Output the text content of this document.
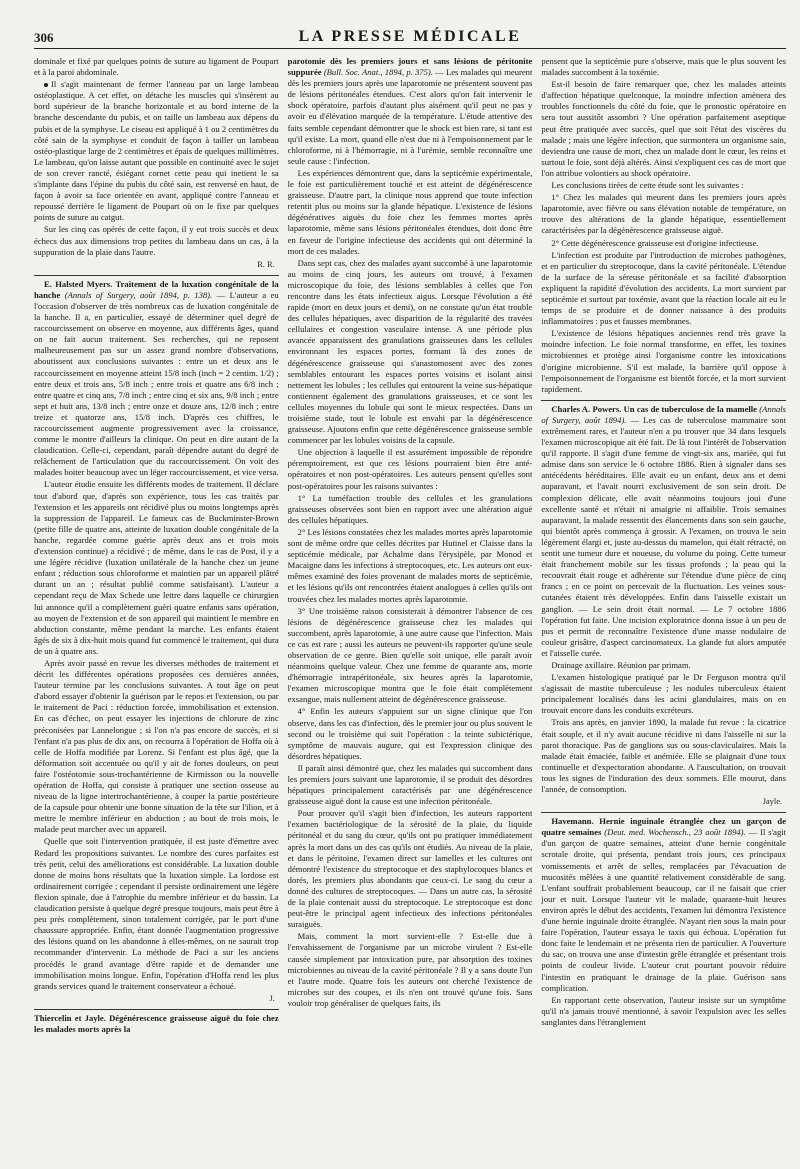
306	LA PRESSE MÉDICALE

dominale et fixé par quelques points de suture au ligament de Poupart et à la paroi abdominale.

Il s'agit maintenant de fermer l'anneau par un large lambeau ostéoplastique. A cet effet, on détache les muscles qui s'insèrent au bord supérieur de la branche horizontale et au bord interne de la branche descendante du pubis, et on taille un lambeau aux dépens du pubis et de la symphyse. Le ciseau est appliqué à 1 ou 2 centimètres du côté sain de la symphyse et conduit de façon à tailler un lambeau ostéo-plastique large de 2 centimètres et épais de quelques millimètres. Le lambeau, qu'on laisse autant que possible en continuité avec le sujet de son crever rancté, ésiégant cornet cette peau qui inetient le sa s'implante dans l'épine du pubis du côté sain, est renversé en haut, de façon à avoir sa face orientée en avant, appliqué contre l'anneau et repoussé derrière le ligament de Poupart où on le fixe par quelques points de suture au catgut.

Sur les cinq cas opérés de cette façon, il y eut trois succès et deux échecs dus aux dimensions trop petites du lambeau dans un cas, à la suppuration de la plaie dans l'autre.

R. R.

E. Halsted Myers. Traitement de la luxation congénitale de la hanche (Annals of Surgery, août 1894, p. 138). — L'auteur a eu l'occasion d'observer de très nombreux cas de luxation congénitale de la hanche. Il a, en particulier, essayé de déterminer quel degré de raccourcissement on observe en moyenne, aux différents âges, quand on ne fait aucun traitement. Ses recherches, qui ne reposent malheureusement pas sur un assez grand nombre d'observations, aboutissent aux conclusions suivantes : entre un et deux ans le raccourcissement en moyenne atteint 15/8 inch (inch = 2 centim. 1/2) ; entre deux et trois ans, 5/8 inch ; entre trois et quatre ans 6/8 inch ; entre quatre et cinq ans, 7/8 inch ; entre cinq et six ans, 9/8 inch ; entre sept et huit ans, 13/8 inch ; entre onze et douze ans, 12/8 inch ; entre treize et quatorze ans, 15/8 inch. D'après ces chiffres, le raccourcissement augmente progressivement avec la croissance, comme le montre d'ailleurs la clinique. On peut en dire autant de la claudication. Celle-ci, cependant, paraît dépendre autant du degré de relâchement de l'articulation que du raccourcissement. On voit des malades boiter beaucoup avec un léger raccourcissement, et vice versa.

L'auteur étudie ensuite les différents modes de traitement. Il déclare tout d'abord que, d'après son expérience, tous les cas traités par l'extension et les appareils ont récidivé plus ou moins longtemps après la suppression de l'appareil. Le fameux cas de Buckminster-Brown (petite fille de quatre ans, atteinte de luxation double congénitale de la hanche, regardée comme guérie après deux ans et trois mois d'extension continue) a récidivé ; de même, dans le cas de Post, il y a une légère récidive (luxation unilatérale de la hanche chez un jeune enfant ; réduction sous chloroforme et maintien par un appareil plâtré durant un an ; résultat publié comme satisfaisant). L'auteur a cependant reçu de Max Schede une lettre dans laquelle ce chirurgien lui annonce qu'il a complètement guéri quatre enfants sans opération, au moyen de l'extension et de son appareil qui maintient le membre en abduction constante, même pendant la marche. Les enfants étaient âgés de six à dix-huit mois quand fut commencé le traitement, qui dura de un à quatre ans.

Après avoir passé en revue les diverses méthodes de traitement et décrit les différentes opérations proposées ces dernières années, l'auteur termine par les conclusions suivantes. A tout âge on peut d'abord essayer d'obtenir la guérison par le repos et l'extension, ou par le traitement de Paci : réduction forcée, immobilisation et extension. En cas d'échec, on peut essayer les injections de chlorure de zinc préconisées par Lannelongue ; si l'on n'a pas encore de succès, et si l'enfant n'a pas plus de dix ans, on recourra à l'opération de Hoffa où à celle de Hoffa modifiée par Lorenz. Si l'enfant est plus âgé, que la déformation soit accentuée ou qu'il y ait de fortes douleurs, on peut faire l'ostéotomie sous-trochantérienne de Kirmisson ou la nouvelle opération de Hoffa, qui consiste à pratiquer une section osseuse au niveau de la ligne intertrochantérienne, à couper la partie postérieure de la capsule pour obtenir une bonne situation de la tête sur l'ilion, et à mettre le membre inférieur en abduction ; au bout de trois mois, le malade peut marcher avec un appareil.

Quelle que soit l'intervention pratiquée, il est juste d'émettre avec Redard les propositions suivantes. Le nombre des cures parfaites est très petit, celui des améliorations est considérable. La luxation double donne de moins bons résultats que la luxation simple. La lordose est ordinairement corrigée ; cependant il persiste ordinairement une légère flexion spinale, due à l'atrophie du membre inférieur et du bassin. La claudication persiste à quelque degré presque toujours, mais peut être à peu près complètement, sinon totalement corrigée, par le port d'une chaussure appropriée. Enfin, étant donnée l'augmentation progressive des lésions quand on les abandonne à elles-mêmes, on ne saurait trop recommander d'intervenir. La méthode de Paci a sur les anciens procédés le grand avantage d'être rapide et de demander une immobilisation moins longue. Enfin, l'opération d'Hoffa rend les plus grands services quand le traitement conservateur a échoué.

J.

Thiercelin et Jayle. Dégénérescence graisseuse aiguë du foie chez les malades morts après la

parotomie dès les premiers jours et sans lésions de péritonite suppurée (Bull. Soc. Anat., 1894, p. 375). — Les malades qui meurent dès les premiers jours après une laparotomie ne présentent souvent pas de lésions péritonéales étendues. C'est alors qu'on fait intervenir le shock opératoire, parfois d'autant plus aisément qu'il peut ne pas y avoir eu d'élévation marquée de la température. L'étude attentive des faits semble cependant démontrer que le shock est bien rare, si tant est qu'il existe. La mort, quand elle n'est due ni à l'empoisonnement par le chloroforme, ni à l'hémorragie, ni à l'urémie, semble reconnaître une seule cause : l'infection.

Les expériences démontrent que, dans la septicémie expérimentale, le foie est particulièrement touché et est atteint de dégénérescence graisseuse. D'autre part, la clinique nous apprend que toute infection retentit plus ou moins sur la glande hépatique. L'existence de lésions dégénératives aiguës du foie chez les femmes mortes après laparotomie, même sans lésions péritonéales étendues, doit donc être en faveur de l'origine infectieuse des accidents qui ont déterminé la mort de ces malades.

Dans sept cas, chez des malades ayant succombé à une laparotomie au moins de cinq jours, les auteurs ont trouvé, à l'examen microscopique du foie, des lésions semblables à celles que l'on rencontre dans les états infectieux aigus. Lorsque l'évolution a été rapide (mort en deux jours et demi), on ne constate qu'un état trouble des cellules hépatiques, avec disparition de la régularité des travées cellulaires et congestion vasculaire intense. A une période plus avancée apparaissent des granulations graisseuses dans les cellules environnant les espaces portes, formant là des zones de dégénérescence graisseuse qui s'anastomosent avec des zones semblables entourant les espaces portes voisins et isolant ainsi nettement les lobules ; les cellules qui entourent la veine sus-hépatique contiennent également des granulations graisseuses, et ce sont les cellules moyennes du lobule qui sont le mieux respectées. Dans un troisième stade, tout le lobule est envahi par la dégénérescence graisseuse. Ajoutons enfin que cette dégénérescence graisseuse semble commencer par les lobules voisins de la capsule.

Une objection à laquelle il est assurément impossible de répondre péremptoirement, est que ces lésions pourraient bien être anté-opératoires et non post-opératoires. Les auteurs pensent qu'elles sont post-opératoires pour les raisons suivantes :

1° La tuméfaction trouble des cellules et les granulations graisseuses observées sont bien en rapport avec une altération aiguë des cellules hépatiques.

2° Les lésions constatées chez les malades mortes après laparotomie sont de même ordre que celles décrites par Hutinel et Claisse dans la septicémie médicale, par Achalme dans l'érysipèle, par Monod et Macaigne dans les infections à streptocoques, etc. Les auteurs ont eux-mêmes examiné des foies provenant de malades morts de septicémie, et les lésions qu'ils ont rencontrées étaient analogues à celles qu'ils ont trouvées chez les malades mortes après laparotomie.

3° Une troisième raison consisterait à démontrer l'absence de ces lésions de dégénérescence graisseuse chez les malades qui succombent, après laparotomie, à une autre cause que l'infection. Mais ce cas est rare ; aussi les auteurs ne peuvent-ils rapporter qu'une seule observation de ce genre. Bien qu'elle soit unique, elle paraît avoir néanmoins quelque valeur. Chez une femme de quarante ans, morte d'hémorragie intrapéritonéale, six heures après la laparotomie, l'examen microscopique montra que le foie était complètement exsangue, mais nullement atteint de dégénérescence graisseuse.

4° Enfin les auteurs s'appuient sur un signe clinique que l'on observe, dans les cas d'infection, dès le premier jour ou plus souvent le second ou le troisième qui suit l'opération : la teinte subictérique, symptôme de mauvais augure, qui est l'expression clinique des désordres hépatiques.

Il paraît ainsi démontré que, chez les malades qui succombent dans les premiers jours suivant une laparotomie, il se produit des désordres hépatiques principalement caractérisés par une dégénérescence graisseuse aiguë dont la cause est une infection péritonéale.

Pour prouver qu'il s'agit bien d'infection, les auteurs rapportent l'examen bactériologique de la sérosité de la plaie, du liquide péritonéal et du sang du cœur, qu'ils ont pu pratiquer immédiatement après la mort dans un des cas qu'ils ont étudiés. Au niveau de la plaie, et dans le péritoine, l'examen direct sur lamelles et les cultures ont démontré l'existence du streptocoque et des staphylocoques blancs et dorés, les premiers plus abondants que ceux-ci. Le sang du cœur a donné des cultures de streptocoques. — Dans un autre cas, la sérosité de la plaie contenait aussi du streptocoque. Le streptocoque est donc peut-être le principal agent infectieux des infections péritonéales suraiguës.

Mais, comment la mort survient-elle ? Est-elle due à l'envahissement de l'organisme par un microbe virulent ? Est-elle causée simplement par intoxication pure, par absorption des toxines microbiennes au niveau de la cavité péritonéale ? Il y a sans doute l'un et l'autre mode. Quatre fois les auteurs ont cherché l'existence de microbes sur des coupes, et ils n'en ont trouvé qu'une fois. Sans vouloir trop généraliser de quelques faits, ils

pensent que la septicémie pure s'observe, mais que le plus souvent les malades succombent à la toxémie.

Est-il besoin de faire remarquer que, chez les malades atteints d'affection hépatique quelconque, la moindre infection amènera des troubles fonctionnels du côté du foie, que le pronostic opératoire en sera tout aussitôt assombri ? Une opération parfaitement aseptique peut être pratiquée avec succès, quel que soit l'état des viscères du malade ; mais une légère infection, que surmontera un organisme sain, deviendra une cause de mort, chez un malade dont le cœur, les reins et surtout le foie, sont déjà altérés. Ainsi s'expliquent ces cas de mort que l'on attribue volontiers au shock opératoire.

Les conclusions tirées de cette étude sont les suivantes :

1° Chez les malades qui meurent dans les premiers jours après laparotomie, avec fièvre ou sans élévation notable de température, on trouve des altérations de la glande hépatique, essentiellement caractérisées par la dégénérescence graisseuse aiguë.

2° Cette dégénérescence graisseuse est d'origine infectieuse.

L'infection est produite par l'introduction de microbes pathogènes, et en particulier du streptocoque, dans la cavité péritonéale. L'étendue de la surface de la séreuse péritonéale et sa facilité d'absorption expliquent la rapidité d'évolution des accidents. La mort survient par septicémie et surtout par toxémie, avant que la réaction locale ait eu le temps de se produire et de donner naissance à des produits inflammatoires : pus et fausses membranes.

L'existence de lésions hépatiques anciennes rend très grave la moindre infection. Le foie normal transforme, en effet, les toxines microbiennes et protège ainsi l'organisme contre les intoxications d'origine microbienne. S'il est malade, la barrière qu'il oppose à l'empoisonnement de l'organisme est bientôt forcée, et la mort survient rapidement.

Charles A. Powers. Un cas de tuberculose de la mamelle (Annals of Surgery, août 1894). — Les cas de tuberculose mammaire sont extrêmement rares, et l'auteur n'en a pu trouver que 34 dans lesquels l'examen microscopique ait été fait. De là tout l'intérêt de l'observation qu'il rapporte. Il s'agit d'une femme de vingt-six ans, mariée, qui fut admise dans son service le 6 octobre 1886. Rien à signaler dans ses antécédents héréditaires. Elle avait eu un enfant, deux ans et demi auparavant, et l'avait nourri exclusivement de son sein droit. De complexion délicate, elle avait néanmoins toujours joui d'une excellente santé et n'était ni amaigrie ni affaiblie. Trois semaines auparavant, la malade ressentit des élancements dans son sein gauche, qui bientôt après commença à grossir. A l'examen, on trouva le sein légèrement élargi et, juste au-dessus du mamelon, qui était rétracté, on sentit une tumeur dure et noueuse, du volume du poing. Cette tumeur était franchement mobile sur les tissus profonds ; la peau qui la recouvrait était rouge et adhérente sur l'étendue d'une pièce de cinq francs ; en ce point on percevait de la fluctuation. Les veines sous-cutanées étaient très développées. Enfin dans l'aisselle existait un ganglion. — Le sein droit était normal. — Le 7 octobre 1886 l'opération fut faite. Une incision exploratrice donna issue à un peu de pus et permit de reconnaître l'existence d'une masse nodulaire de couleur grisâtre, d'aspect carcinomateux. La glande fut alors amputée et l'aisselle curée.

Drainage axillaire. Réunion par primam.

L'examen histologique pratiqué par le Dr Ferguson montra qu'il s'agissait de mastite tuberculeuse ; les nodules tuberculeux étaient principalement localisés dans les acini glandulaires, mais on en trouvait encore dans les conduits excréteurs.

Trois ans après, en janvier 1890, la malade fut revue : la cicatrice était souple, et il n'y avait aucune récidive ni dans l'aisselle ni sur la paroi thoracique. Pas de ganglions sus ou sous-claviculaires. Mais la malade était émaciée, faible et anémiée. Elle se plaignait d'une toux continuelle et d'expectoration abondante. A l'auscultation, on trouvait tous les signes de l'induration des deux sommets. Elle mourut, dans l'année, de consomption.

Jayle.

Havemann. Hernie inguinale étranglée chez un garçon de quatre semaines (Deut. med. Wochensch., 23 août 1894). — Il s'agit d'un garçon de quatre semaines, atteint d'une hernie congénitale scrotale droite, qui présenta, pendant trois jours, ces principaux vomissements et arrêt de selles, remplacées par l'évacuation de mucosités mêlées à une quantité relativement considérable de sang. L'enfant souffrait probablement beaucoup, car il ne faisait que crier jour et nuit. Lorsque l'auteur vit le malade, quarante-huit heures environ après le début des accidents, l'examen lui démontra l'existence d'une hernie inguinale droite étranglée. N'ayant rien sous la main pour faire l'opération, l'auteur essaya le taxis qui échoua. L'opération fut donc faite le lendemain et ne présenta rien de particulier. A l'ouverture du sac, on trouva une anse d'intestin grêle étranglée et présentant trois points de couleur livide. L'auteur crut pourtant pouvoir réduire l'intestin en pratiquant le drainage de la plaie. Guérison sans complication.

En rapportant cette observation, l'auteur insiste sur un symptôme qu'il n'a jamais trouvé mentionné, à savoir l'expulsion avec les selles sanglantes dans l'étranglement
